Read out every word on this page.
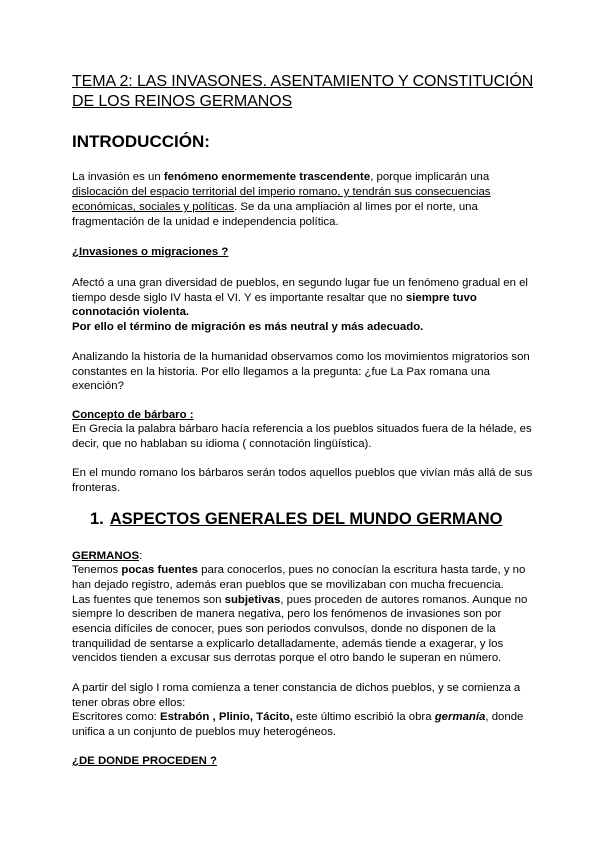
TEMA 2: LAS INVASONES. ASENTAMIENTO Y CONSTITUCIÓN
DE LOS REINOS GERMANOS
INTRODUCCIÓN:
La invasión es un fenómeno enormemente trascendente, porque implicarán una
dislocación del espacio territorial del imperio romano, y tendrán sus consecuencias
económicas, sociales y políticas. Se da una ampliación al limes por el norte, una
fragmentación de la unidad e independencia política.
¿Invasiones o migraciones ?
Afectó a una gran diversidad de pueblos, en segundo lugar fue un fenómeno gradual en el
tiempo desde siglo IV hasta el VI. Y es importante resaltar que no siempre tuvo
connotación violenta.
Por ello el término de migración es más neutral y más adecuado.
Analizando la historia de la humanidad observamos como los movimientos migratorios son
constantes en la historia. Por ello llegamos a la pregunta: ¿fue La Pax romana una
exención?
Concepto de bárbaro :
En Grecia la palabra bárbaro hacía referencia a los pueblos situados fuera de la hélade, es
decir, que no hablaban su idioma ( connotación lingüística).
En el mundo romano los bárbaros serán todos aquellos pueblos que vivían más allá de sus
fronteras.
1. ASPECTOS GENERALES DEL MUNDO GERMANO
GERMANOS:
Tenemos pocas fuentes para conocerlos, pues no conocían la escritura hasta tarde, y no
han dejado registro, además eran pueblos que se movilizaban con mucha frecuencia.
Las fuentes que tenemos son subjetivas, pues proceden de autores romanos. Aunque no
siempre lo describen de manera negativa, pero los fenómenos de invasiones son por
esencia difíciles de conocer, pues son periodos convulsos, donde no disponen de la
tranquilidad de sentarse a explicarlo detalladamente, además tiende a exagerar, y los
vencidos tienden a excusar sus derrotas porque el otro bando le superan en número.
A partir del siglo I roma comienza a tener constancia de dichos pueblos, y se comienza a
tener obras obre ellos:
Escritores como: Estrabón , Plinio, Tácito, este último escribió la obra germanía, donde
unifica a un conjunto de pueblos muy heterogéneos.
¿DE DONDE PROCEDEN ?
